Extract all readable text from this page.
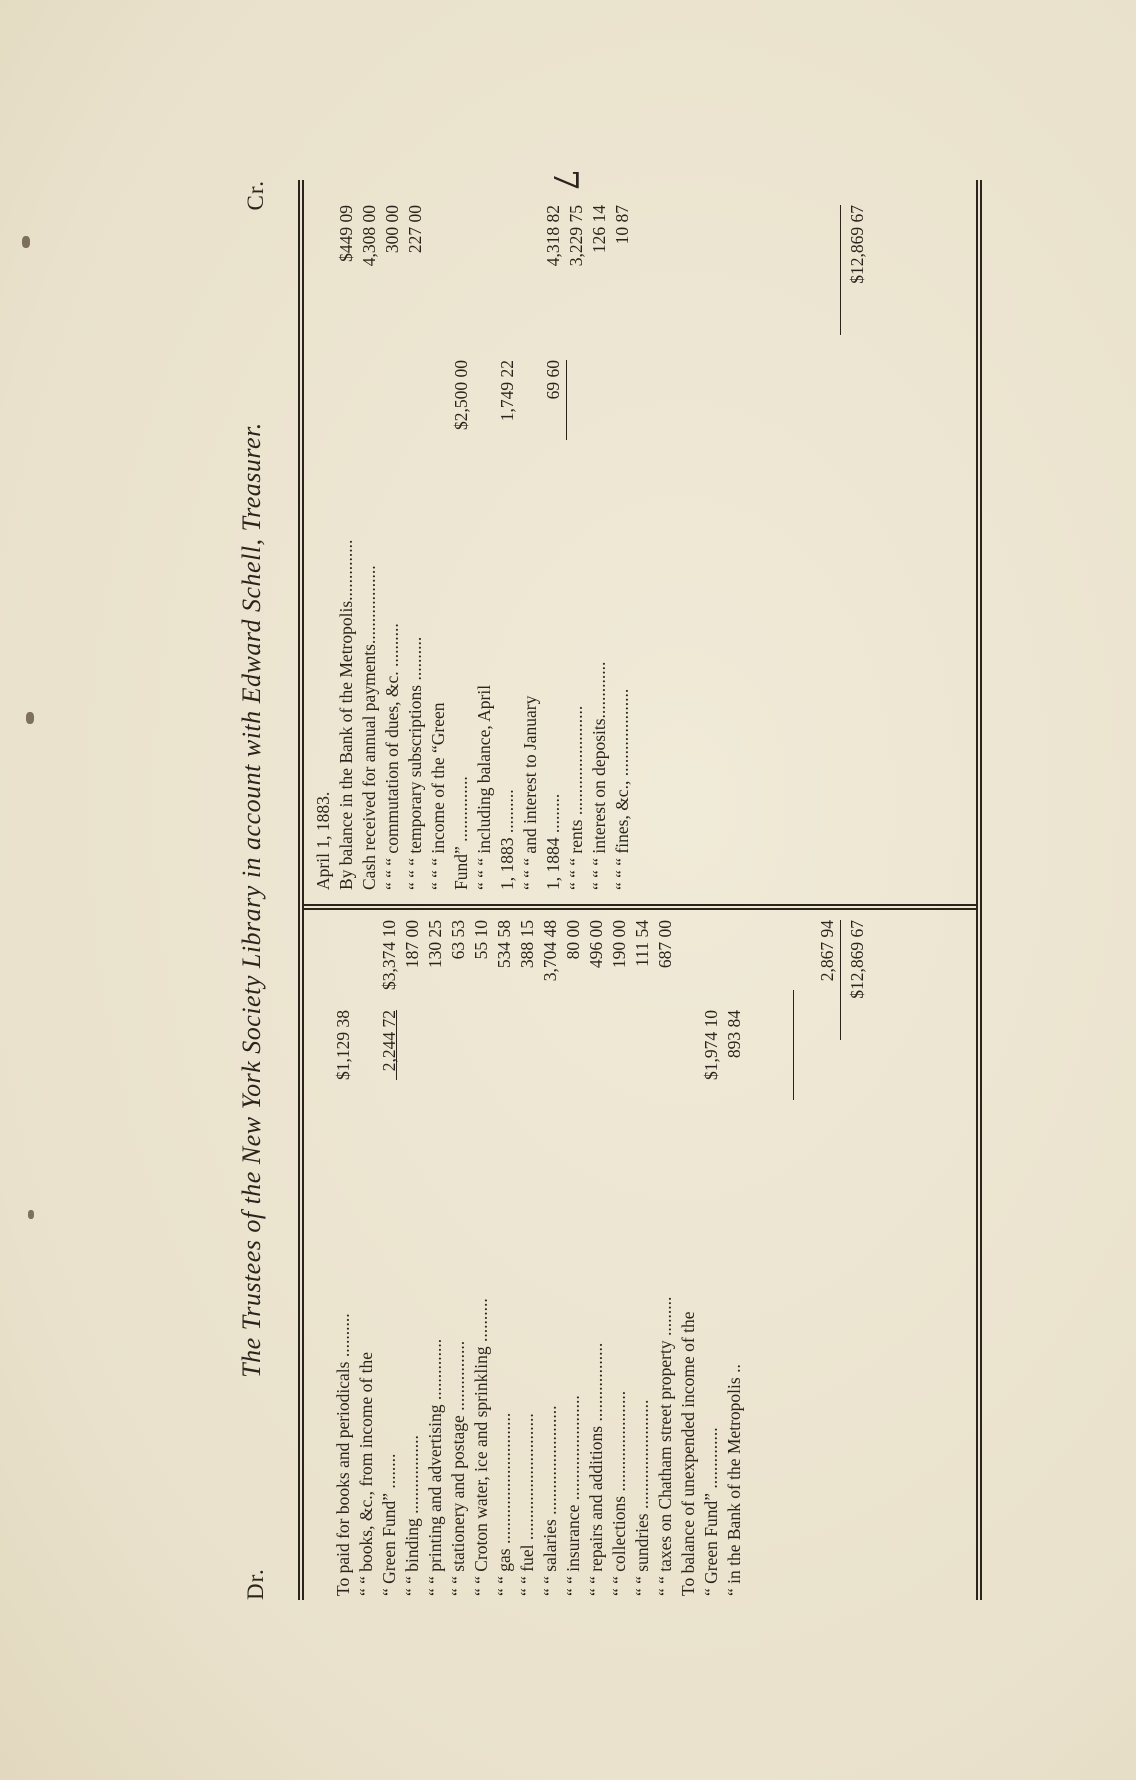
7
Dr.
The Trustees of the New York Society Library in account with Edward Schell, Treasurer.
Cr.
To paid for books and periodicals ..........
$1,129 38
“ “ books, &c., from income of the “ Green Fund” ........
2,244 72
$3,374 10
“ “ binding ..................
187 00
“ “ printing and advertising ..............
130 25
“ “ stationery and postage ................
63 53
“ “ Croton water, ice and sprinkling ..........
55 10
“ “ gas ..............................
534 58
“ “ fuel .............................
388 15
“ “ salaries .........................
3,704 48
“ “ insurance ........................
80 00
“ “ repairs and additions ..................
496 00
“ “ collections .......................
190 00
“ “ sundries .........................
111 54
“ “ taxes on Chatham street property .........
687 00
To balance of unexpended income of the “ Green Fund” ..............
$1,974 10
“ in the Bank of the Metropolis ..
893 84
April 1, 1883. By balance in the Bank of the Metropolis..............
$449 09
Cash received for annual payments..................
4,308 00
“ “ “ commutation of dues, &c. ..........
300 00
“ “ “ temporary subscriptions ..........
227 00
“ “ “ income of the “Green Fund” ...............
$2,500 00
“ “ “ including balance, April 1, 1883 ..........
1,749 22
“ “ “ and interest to January 1, 1884 .........
69 60
4,318 82
“ “ “ rents .........................
3,229 75
“ “ “ interest on deposits.............
126 14
“ “ “ fines, &c., ....................
10 87
2,867 94 $12,869 67
$12,869 67
